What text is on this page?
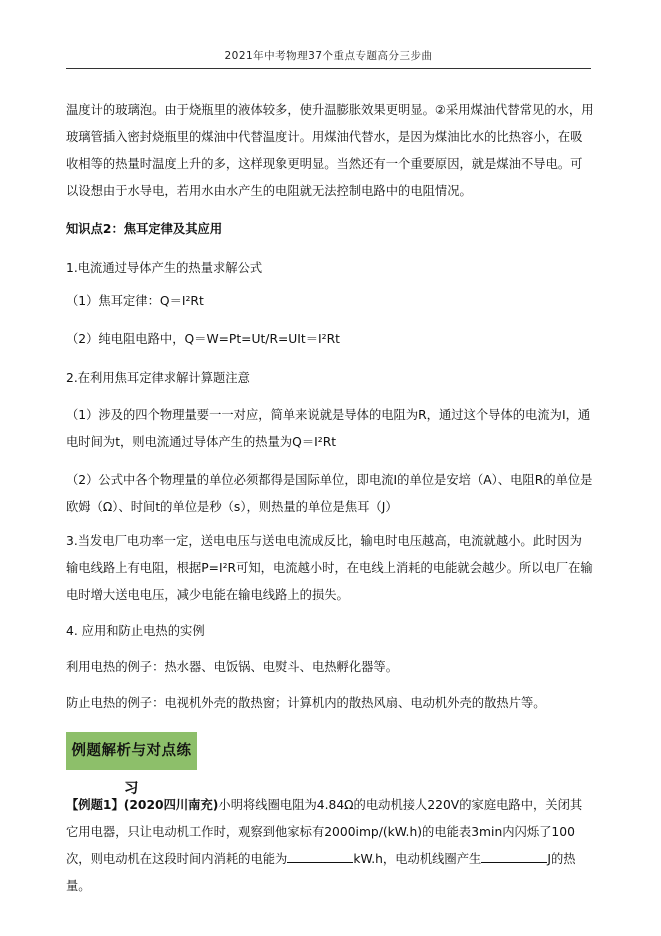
2021年中考物理37个重点专题高分三步曲

温度计的玻璃泡。由于烧瓶里的液体较多，使升温膨胀效果更明显。②采用煤油代替常见的水，用玻璃管插入密封烧瓶里的煤油中代替温度计。用煤油代替水，是因为煤油比水的比热容小，在吸收相等的热量时温度上升的多，这样现象更明显。当然还有一个重要原因，就是煤油不导电。可以设想由于水导电，若用水由水产生的电阻就无法控制电路中的电阻情况。

知识点2：焦耳定律及其应用

1.电流通过导体产生的热量求解公式

（1）焦耳定律：Q＝I²Rt

（2）纯电阻电路中，Q＝W=Pt=Ut/R=UIt＝I²Rt

2.在利用焦耳定律求解计算题注意

（1）涉及的四个物理量要一一对应，简单来说就是导体的电阻为R，通过这个导体的电流为I，通电时间为t，则电流通过导体产生的热量为Q＝I²Rt

（2）公式中各个物理量的单位必须都得是国际单位，即电流I的单位是安培（A）、电阻R的单位是欧姆（Ω）、时间t的单位是秒（s），则热量的单位是焦耳（J）

3.当发电厂电功率一定，送电电压与送电电流成反比，输电时电压越高，电流就越小。此时因为输电线路上有电阻，根据P=I²R可知，电流越小时，在电线上消耗的电能就会越少。所以电厂在输电时增大送电电压，减少电能在输电线路上的损失。

4. 应用和防止电热的实例

利用电热的例子：热水器、电饭锅、电熨斗、电热孵化器等。

防止电热的例子：电视机外壳的散热窗；计算机内的散热风扇、电动机外壳的散热片等。

例题解析与对点练习

【例题1】(2020四川南充)小明将线圈电阻为4.84Ω的电动机接人220V的家庭电路中，关闭其它用电器，只让电动机工作时，观察到他家标有2000imp/(kW.h)的电能表3min内闪烁了100次，则电动机在这段时间内消耗的电能为	kW.h，电动机线圈产生	J的热量。
